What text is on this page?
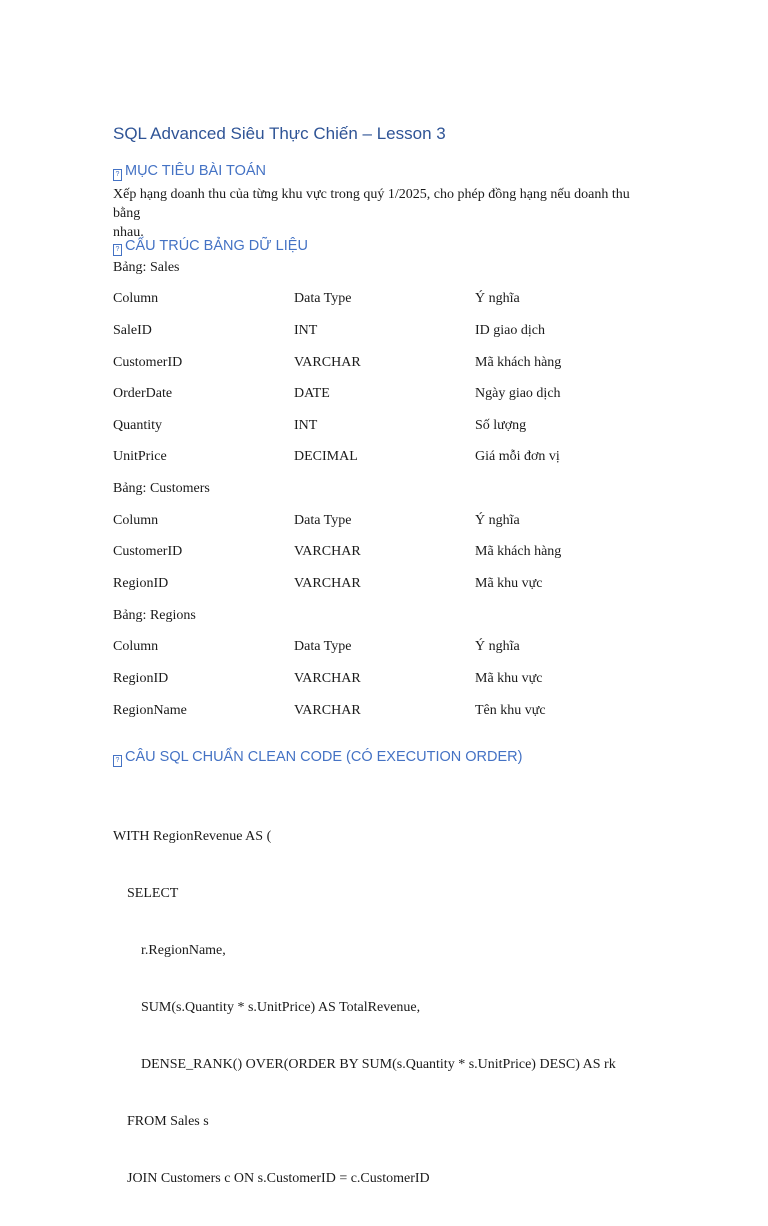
SQL Advanced Siêu Thực Chiến – Lesson 3
? MỤC TIÊU BÀI TOÁN
Xếp hạng doanh thu của từng khu vực trong quý 1/2025, cho phép đồng hạng nếu doanh thu bằng
nhau.
? CẤU TRÚC BẢNG DỮ LIỆU
Bảng: Sales
Column	Data Type	Ý nghĩa
SaleID	INT	ID giao dịch
CustomerID	VARCHAR	Mã khách hàng
OrderDate	DATE	Ngày giao dịch
Quantity	INT	Số lượng
UnitPrice	DECIMAL	Giá mỗi đơn vị
Bảng: Customers
Column	Data Type	Ý nghĩa
CustomerID	VARCHAR	Mã khách hàng
RegionID	VARCHAR	Mã khu vực
Bảng: Regions
Column	Data Type	Ý nghĩa
RegionID	VARCHAR	Mã khu vực
RegionName	VARCHAR	Tên khu vực
? CÂU SQL CHUẨN CLEAN CODE (CÓ EXECUTION ORDER)

WITH RegionRevenue AS (

SELECT

r.RegionName,

SUM(s.Quantity * s.UnitPrice) AS TotalRevenue,

DENSE_RANK() OVER(ORDER BY SUM(s.Quantity * s.UnitPrice) DESC) AS rk

FROM Sales s

JOIN Customers c ON s.CustomerID = c.CustomerID
